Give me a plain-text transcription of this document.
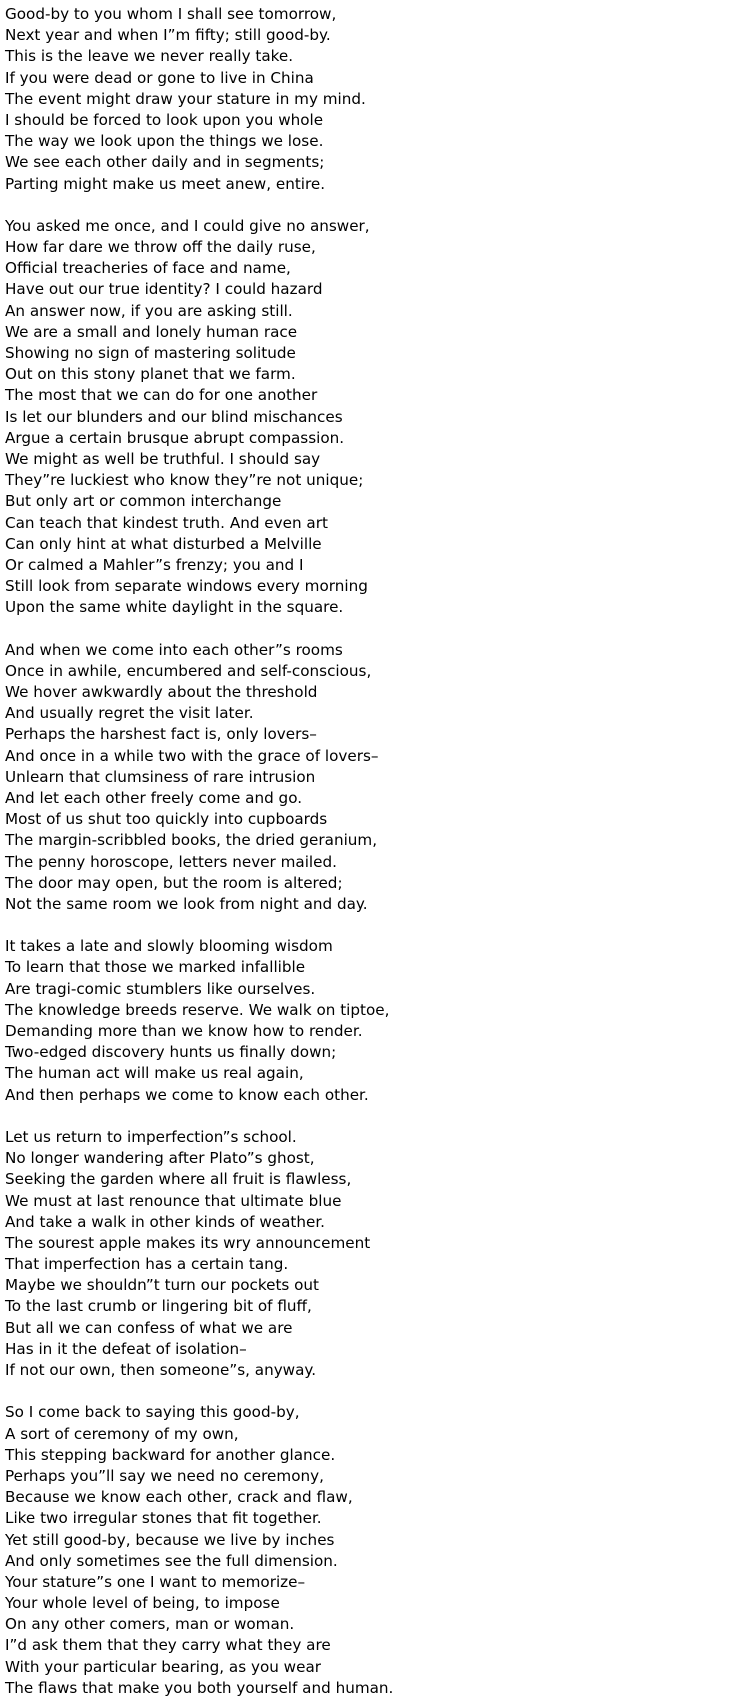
Good-by to you whom I shall see tomorrow,
Next year and when I”m fifty; still good-by.
This is the leave we never really take.
If you were dead or gone to live in China
The event might draw your stature in my mind.
I should be forced to look upon you whole
The way we look upon the things we lose.
We see each other daily and in segments;
Parting might make us meet anew, entire.
You asked me once, and I could give no answer,
How far dare we throw off the daily ruse,
Official treacheries of face and name,
Have out our true identity? I could hazard
An answer now, if you are asking still.
We are a small and lonely human race
Showing no sign of mastering solitude
Out on this stony planet that we farm.
The most that we can do for one another
Is let our blunders and our blind mischances
Argue a certain brusque abrupt compassion.
We might as well be truthful. I should say
They”re luckiest who know they”re not unique;
But only art or common interchange
Can teach that kindest truth. And even art
Can only hint at what disturbed a Melville
Or calmed a Mahler”s frenzy; you and I
Still look from separate windows every morning
Upon the same white daylight in the square.
And when we come into each other”s rooms
Once in awhile, encumbered and self-conscious,
We hover awkwardly about the threshold
And usually regret the visit later.
Perhaps the harshest fact is, only lovers–
And once in a while two with the grace of lovers–
Unlearn that clumsiness of rare intrusion
And let each other freely come and go.
Most of us shut too quickly into cupboards
The margin-scribbled books, the dried geranium,
The penny horoscope, letters never mailed.
The door may open, but the room is altered;
Not the same room we look from night and day.
It takes a late and slowly blooming wisdom
To learn that those we marked infallible
Are tragi-comic stumblers like ourselves.
The knowledge breeds reserve. We walk on tiptoe,
Demanding more than we know how to render.
Two-edged discovery hunts us finally down;
The human act will make us real again,
And then perhaps we come to know each other.
Let us return to imperfection”s school.
No longer wandering after Plato”s ghost,
Seeking the garden where all fruit is flawless,
We must at last renounce that ultimate blue
And take a walk in other kinds of weather.
The sourest apple makes its wry announcement
That imperfection has a certain tang.
Maybe we shouldn”t turn our pockets out
To the last crumb or lingering bit of fluff,
But all we can confess of what we are
Has in it the defeat of isolation–
If not our own, then someone”s, anyway.
So I come back to saying this good-by,
A sort of ceremony of my own,
This stepping backward for another glance.
Perhaps you”ll say we need no ceremony,
Because we know each other, crack and flaw,
Like two irregular stones that fit together.
Yet still good-by, because we live by inches
And only sometimes see the full dimension.
Your stature”s one I want to memorize–
Your whole level of being, to impose
On any other comers, man or woman.
I”d ask them that they carry what they are
With your particular bearing, as you wear
The flaws that make you both yourself and human.
